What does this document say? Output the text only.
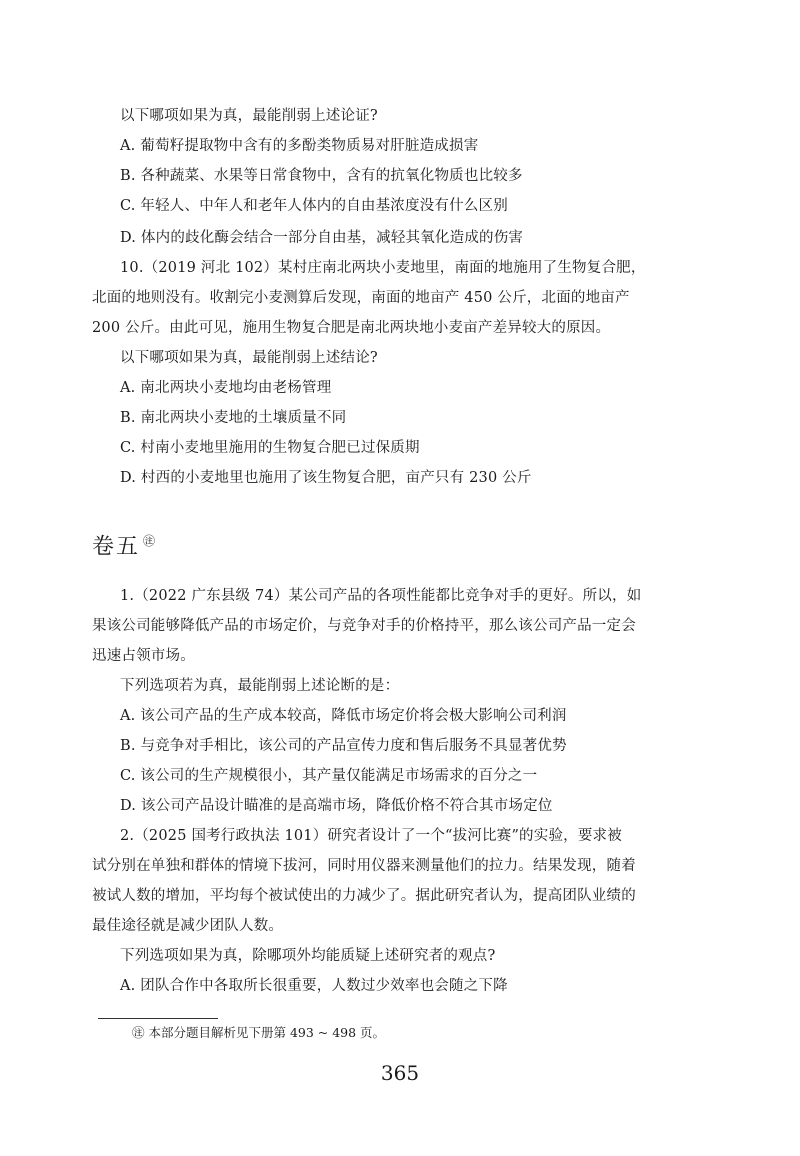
以下哪项如果为真，最能削弱上述论证?
A. 葡萄籽提取物中含有的多酚类物质易对肝脏造成损害
B. 各种蔬菜、水果等日常食物中，含有的抗氧化物质也比较多
C. 年轻人、中年人和老年人体内的自由基浓度没有什么区别
D. 体内的歧化酶会结合一部分自由基，减轻其氧化造成的伤害
10.（2019 河北 102）某村庄南北两块小麦地里，南面的地施用了生物复合肥，
北面的地则没有。收割完小麦测算后发现，南面的地亩产 450 公斤，北面的地亩产
200 公斤。由此可见，施用生物复合肥是南北两块地小麦亩产差异较大的原因。
以下哪项如果为真，最能削弱上述结论?
A. 南北两块小麦地均由老杨管理
B. 南北两块小麦地的土壤质量不同
C. 村南小麦地里施用的生物复合肥已过保质期
D. 村西的小麦地里也施用了该生物复合肥，亩产只有 230 公斤
卷五 ㊟
1.（2022 广东县级 74）某公司产品的各项性能都比竞争对手的更好。所以，如
果该公司能够降低产品的市场定价，与竞争对手的价格持平，那么该公司产品一定会
迅速占领市场。
下列选项若为真，最能削弱上述论断的是：
A. 该公司产品的生产成本较高，降低市场定价将会极大影响公司利润
B. 与竞争对手相比，该公司的产品宣传力度和售后服务不具显著优势
C. 该公司的生产规模很小，其产量仅能满足市场需求的百分之一
D. 该公司产品设计瞄准的是高端市场，降低价格不符合其市场定位
2.（2025 国考行政执法 101）研究者设计了一个“拔河比赛”的实验，要求被
试分别在单独和群体的情境下拔河，同时用仪器来测量他们的拉力。结果发现，随着
被试人数的增加，平均每个被试使出的力减少了。据此研究者认为，提高团队业绩的
最佳途径就是减少团队人数。
下列选项如果为真，除哪项外均能质疑上述研究者的观点?
A. 团队合作中各取所长很重要，人数过少效率也会随之下降
㊟ 本部分题目解析见下册第 493 ~ 498 页。
365
